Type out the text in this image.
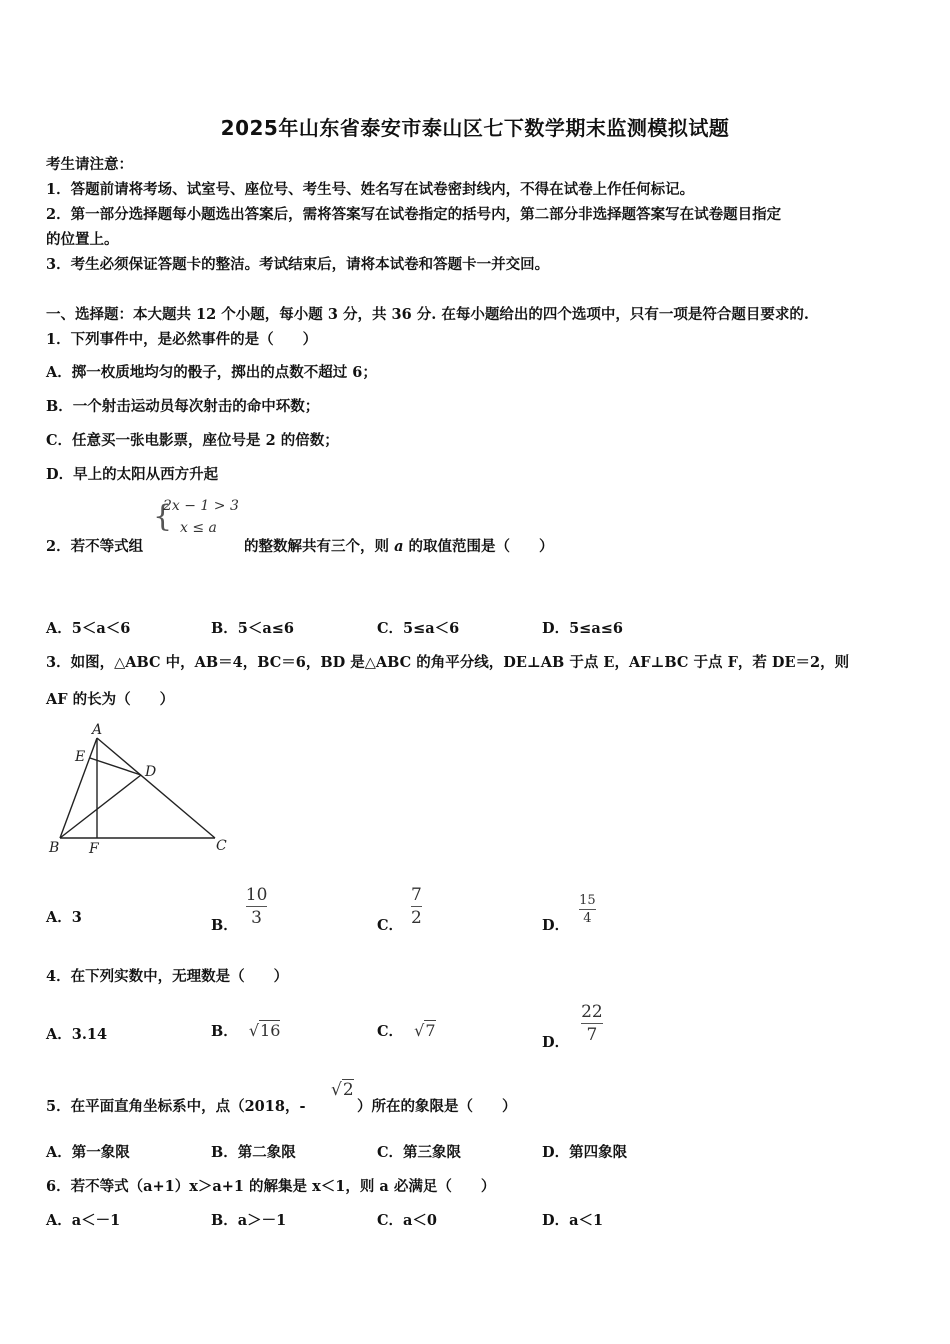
2025年山东省泰安市泰山区七下数学期末监测模拟试题
考生请注意：
1．答题前请将考场、试室号、座位号、考生号、姓名写在试卷密封线内，不得在试卷上作任何标记。
2．第一部分选择题每小题选出答案后，需将答案写在试卷指定的括号内，第二部分非选择题答案写在试卷题目指定
的位置上。
3．考生必须保证答题卡的整洁。考试结束后，请将本试卷和答题卡一并交回。
一、选择题：本大题共 12 个小题，每小题 3 分，共 36 分. 在每小题给出的四个选项中，只有一项是符合题目要求的.
1．下列事件中，是必然事件的是（　　）
A．掷一枚质地均匀的骰子，掷出的点数不超过 6；
B．一个射击运动员每次射击的命中环数；
C．任意买一张电影票，座位号是 2 的倍数；
D．早上的太阳从西方升起
2．若不等式组
{
2x − 1 > 3
x ≤ a
的整数解共有三个，则 a 的取值范围是（　　）
A．5＜a＜6	B．5＜a≤6	C．5≤a＜6	D．5≤a≤6
3．如图，△ABC 中，AB＝4，BC＝6，BD 是△ABC 的角平分线，DE⊥AB 于点 E，AF⊥BC 于点 F，若 DE＝2，则
AF 的长为（　　）
A
E
D
B F	C
A．3	B． $\frac{10}{3}$	C． $\frac{7}{2}$	D． $\frac{15}{4}$
4．在下列实数中，无理数是（　　）
A．3.14	B． √16	C． √7
D． $\frac{22}{7}$
5．在平面直角坐标系中，点（2018，-
√2
）所在的象限是（　　）
A．第一象限	B．第二象限	C．第三象限	D．第四象限
6．若不等式（a+1）x＞a+1 的解集是 x＜1，则 a 必满足（　　）
A．a＜－1	B．a＞－1	C．a＜0	D．a＜1
